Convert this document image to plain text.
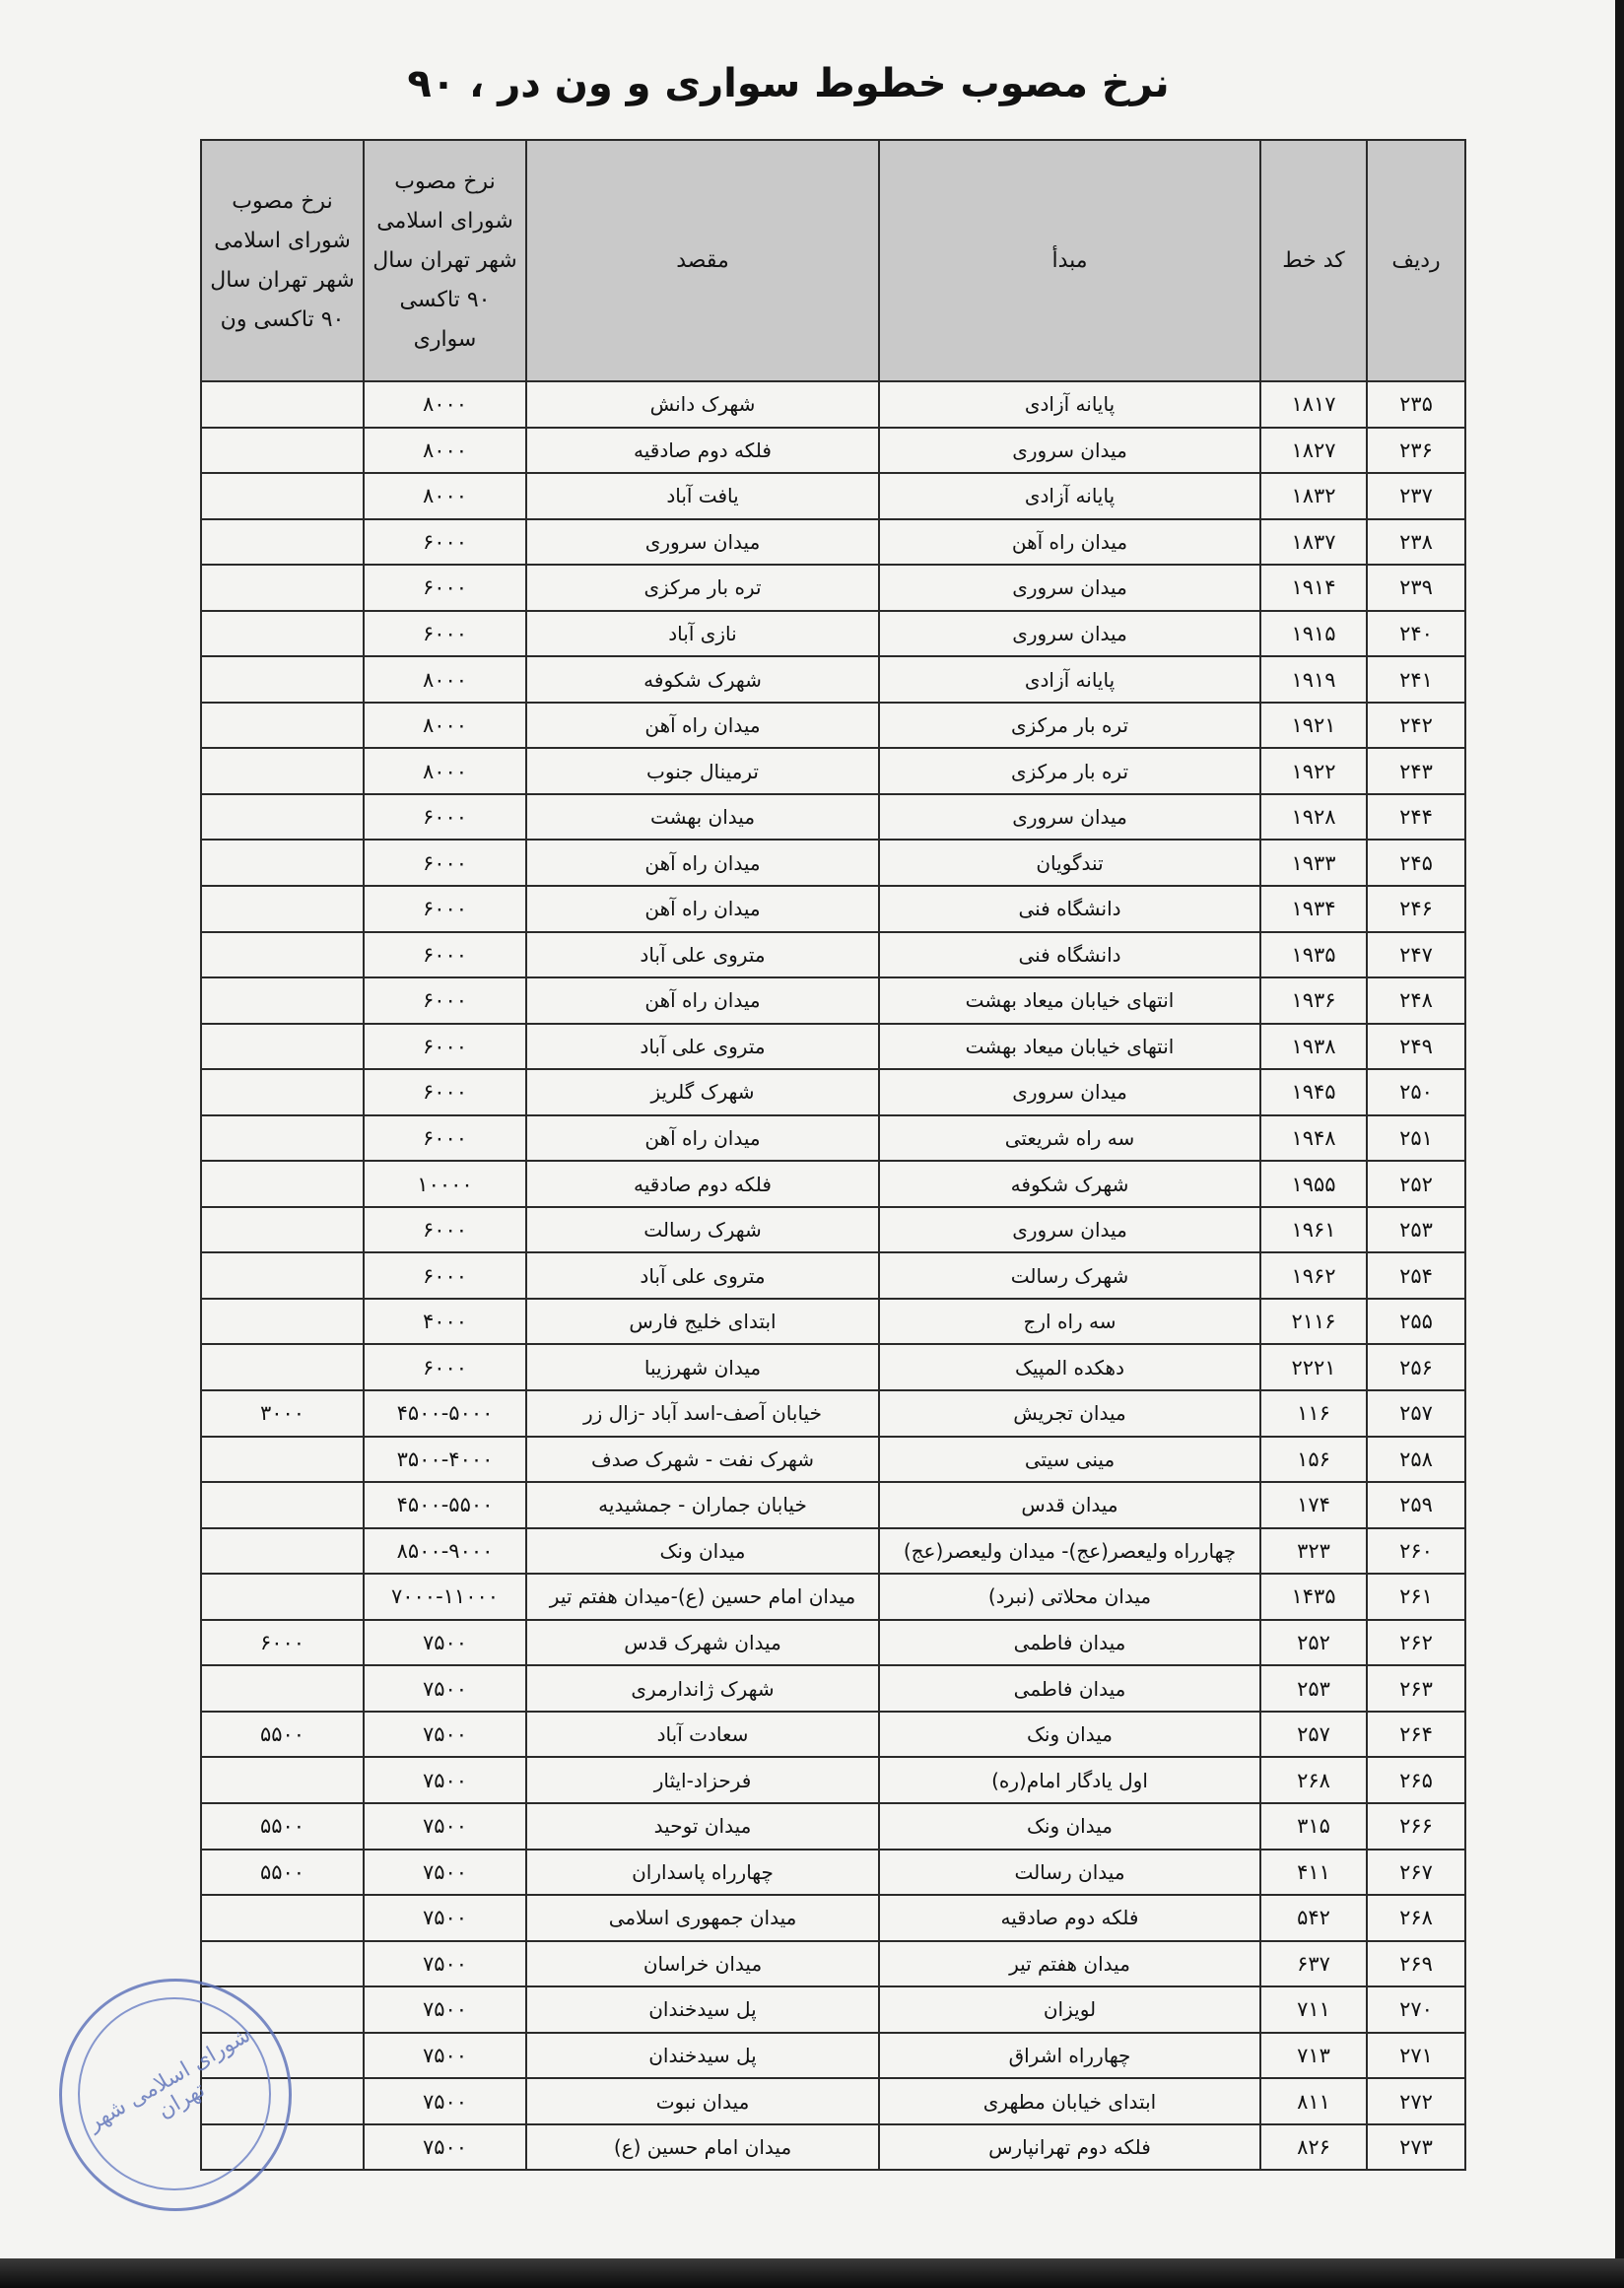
نرخ مصوب خطوط سواری و ون در ، ۹۰
ردیف	کد خط	مبدأ	مقصد	نرخ مصوب شورای اسلامی شهر تهران سال ۹۰ تاکسی سواری	نرخ مصوب شورای اسلامی شهر تهران سال ۹۰ تاکسی ون
۲۳۵	۱۸۱۷	پایانه آزادی	شهرک دانش	۸۰۰۰	
۲۳۶	۱۸۲۷	میدان سروری	فلکه دوم صادقیه	۸۰۰۰	
۲۳۷	۱۸۳۲	پایانه آزادی	یافت آباد	۸۰۰۰	
۲۳۸	۱۸۳۷	میدان راه آهن	میدان سروری	۶۰۰۰	
۲۳۹	۱۹۱۴	میدان سروری	تره بار مرکزی	۶۰۰۰	
۲۴۰	۱۹۱۵	میدان سروری	نازی آباد	۶۰۰۰	
۲۴۱	۱۹۱۹	پایانه آزادی	شهرک شکوفه	۸۰۰۰	
۲۴۲	۱۹۲۱	تره بار مرکزی	میدان راه آهن	۸۰۰۰	
۲۴۳	۱۹۲۲	تره بار مرکزی	ترمینال جنوب	۸۰۰۰	
۲۴۴	۱۹۲۸	میدان سروری	میدان بهشت	۶۰۰۰	
۲۴۵	۱۹۳۳	تندگویان	میدان راه آهن	۶۰۰۰	
۲۴۶	۱۹۳۴	دانشگاه فنی	میدان راه آهن	۶۰۰۰	
۲۴۷	۱۹۳۵	دانشگاه فنی	متروی علی آباد	۶۰۰۰	
۲۴۸	۱۹۳۶	انتهای خیابان میعاد بهشت	میدان راه آهن	۶۰۰۰	
۲۴۹	۱۹۳۸	انتهای خیابان میعاد بهشت	متروی علی آباد	۶۰۰۰	
۲۵۰	۱۹۴۵	میدان سروری	شهرک گلریز	۶۰۰۰	
۲۵۱	۱۹۴۸	سه راه شریعتی	میدان راه آهن	۶۰۰۰	
۲۵۲	۱۹۵۵	شهرک شکوفه	فلکه دوم صادقیه	۱۰۰۰۰	
۲۵۳	۱۹۶۱	میدان سروری	شهرک رسالت	۶۰۰۰	
۲۵۴	۱۹۶۲	شهرک رسالت	متروی علی آباد	۶۰۰۰	
۲۵۵	۲۱۱۶	سه راه ارج	ابتدای خلیج فارس	۴۰۰۰	
۲۵۶	۲۲۲۱	دهکده المپیک	میدان شهرزیبا	۶۰۰۰	
۲۵۷	۱۱۶	میدان تجریش	خیابان آصف-اسد آباد -زال زر	۴۵۰۰-۵۰۰۰	۳۰۰۰
۲۵۸	۱۵۶	مینی سیتی	شهرک نفت - شهرک صدف	۳۵۰۰-۴۰۰۰	
۲۵۹	۱۷۴	میدان قدس	خیابان جماران - جمشیدیه	۴۵۰۰-۵۵۰۰	
۲۶۰	۳۲۳	چهارراه ولیعصر(عج)- میدان ولیعصر(عج)	میدان ونک	۸۵۰۰-۹۰۰۰	
۲۶۱	۱۴۳۵	میدان محلاتی (نبرد)	میدان امام حسین (ع)-میدان هفتم تیر	۷۰۰۰-۱۱۰۰۰	
۲۶۲	۲۵۲	میدان فاطمی	میدان شهرک قدس	۷۵۰۰	۶۰۰۰
۲۶۳	۲۵۳	میدان فاطمی	شهرک ژاندارمری	۷۵۰۰	
۲۶۴	۲۵۷	میدان ونک	سعادت آباد	۷۵۰۰	۵۵۰۰
۲۶۵	۲۶۸	اول یادگار امام(ره)	فرحزاد-ایثار	۷۵۰۰	
۲۶۶	۳۱۵	میدان ونک	میدان توحید	۷۵۰۰	۵۵۰۰
۲۶۷	۴۱۱	میدان رسالت	چهارراه پاسداران	۷۵۰۰	۵۵۰۰
۲۶۸	۵۴۲	فلکه دوم صادقیه	میدان جمهوری اسلامی	۷۵۰۰	
۲۶۹	۶۳۷	میدان هفتم تیر	میدان خراسان	۷۵۰۰	
۲۷۰	۷۱۱	لویزان	پل سیدخندان	۷۵۰۰	
۲۷۱	۷۱۳	چهارراه اشراق	پل سیدخندان	۷۵۰۰	
۲۷۲	۸۱۱	ابتدای خیابان مطهری	میدان نبوت	۷۵۰۰	
۲۷۳	۸۲۶	فلکه دوم تهرانپارس	میدان امام حسین (ع)	۷۵۰۰	
شورای اسلامی شهر تهران
